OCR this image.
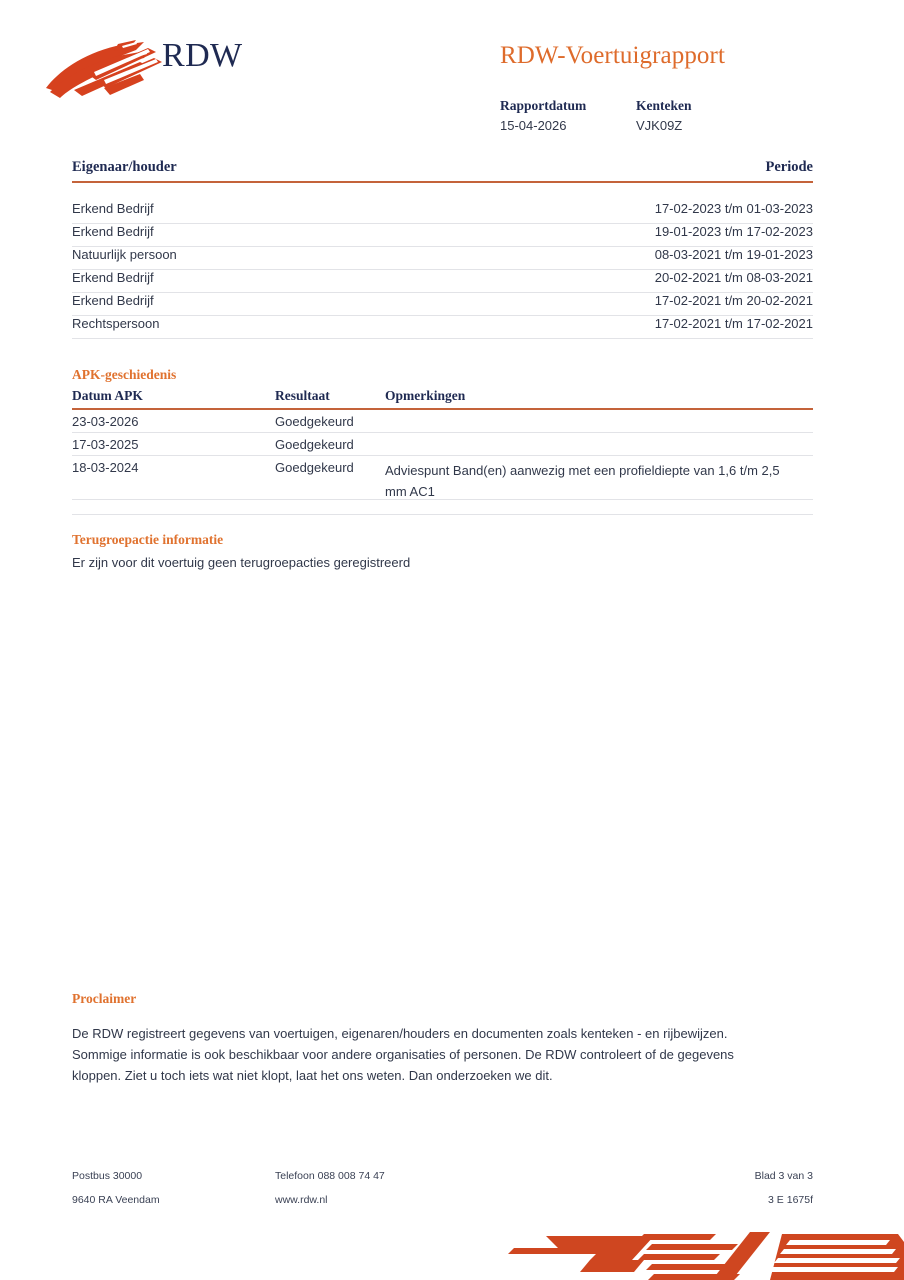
RDW	RDW-Voertuigrapport
Rapportdatum
15-04-2026
Kenteken
VJK09Z
Eigenaar/houder	Periode
Erkend Bedrijf	17-02-2023 t/m 01-03-2023
Erkend Bedrijf	19-01-2023 t/m 17-02-2023
Natuurlijk persoon	08-03-2021 t/m 19-01-2023
Erkend Bedrijf	20-02-2021 t/m 08-03-2021
Erkend Bedrijf	17-02-2021 t/m 20-02-2021
Rechtspersoon	17-02-2021 t/m 17-02-2021
APK-geschiedenis
Datum APK	Resultaat	Opmerkingen
23-03-2026	Goedgekeurd
17-03-2025	Goedgekeurd
18-03-2024	Goedgekeurd Adviespunt Band(en) aanwezig met een profieldiepte van 1,6 t/m 2,5 mm AC1
Terugroepactie informatie
Er zijn voor dit voertuig geen terugroepacties geregistreerd
Proclaimer
De RDW registreert gegevens van voertuigen, eigenaren/houders en documenten zoals kenteken - en rijbewijzen. Sommige informatie is ook beschikbaar voor andere organisaties of personen. De RDW controleert of de gegevens kloppen. Ziet u toch iets wat niet klopt, laat het ons weten. Dan onderzoeken we dit.
Postbus 30000	Telefoon 088 008 74 47	Blad 3 van 3
9640 RA Veendam	www.rdw.nl	3 E 1675f
